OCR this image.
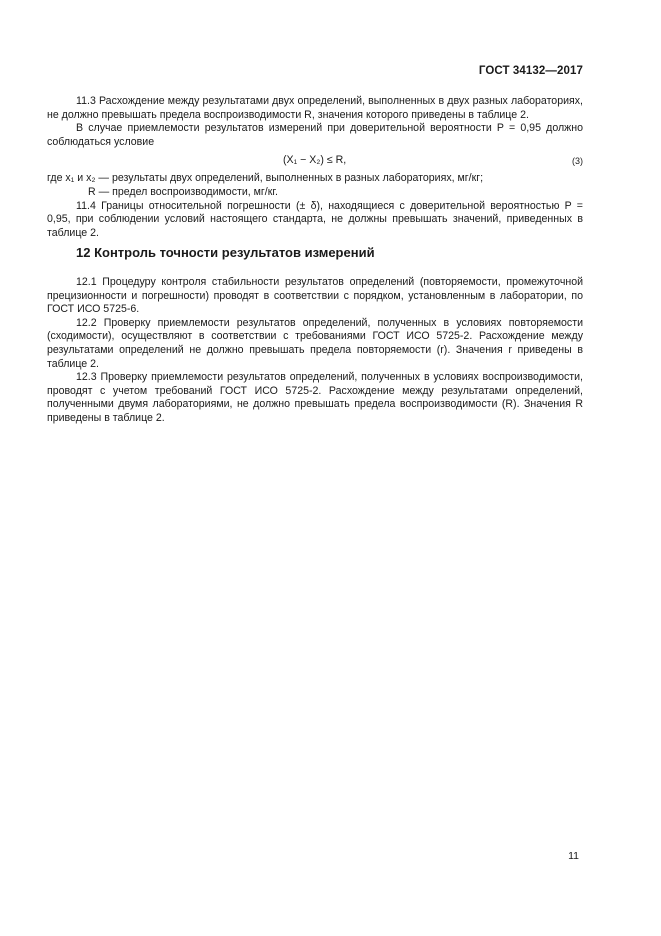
ГОСТ 34132—2017

11.3 Расхождение между результатами двух определений, выполненных в двух разных лабораториях, не должно превышать предела воспроизводимости R, значения которого приведены в таблице 2.

В случае приемлемости результатов измерений при доверительной вероятности P = 0,95 должно соблюдаться условие

(X₁ − X₂) ≤ R,	(3)

где x₁ и x₂ — результаты двух определений, выполненных в разных лабораториях, мг/кг;

R — предел воспроизводимости, мг/кг.

11.4 Границы относительной погрешности (± δ), находящиеся с доверительной вероятностью P = 0,95, при соблюдении условий настоящего стандарта, не должны превышать значений, приведенных в таблице 2.

12 Контроль точности результатов измерений

12.1 Процедуру контроля стабильности результатов определений (повторяемости, промежуточной прецизионности и погрешности) проводят в соответствии с порядком, установленным в лаборатории, по ГОСТ ИСО 5725-6.

12.2 Проверку приемлемости результатов определений, полученных в условиях повторяемости (сходимости), осуществляют в соответствии с требованиями ГОСТ ИСО 5725-2. Расхождение между результатами определений не должно превышать предела повторяемости (r). Значения r приведены в таблице 2.

12.3 Проверку приемлемости результатов определений, полученных в условиях воспроизводимости, проводят с учетом требований ГОСТ ИСО 5725-2. Расхождение между результатами определений, полученными двумя лабораториями, не должно превышать предела воспроизводимости (R). Значения R приведены в таблице 2.

11
